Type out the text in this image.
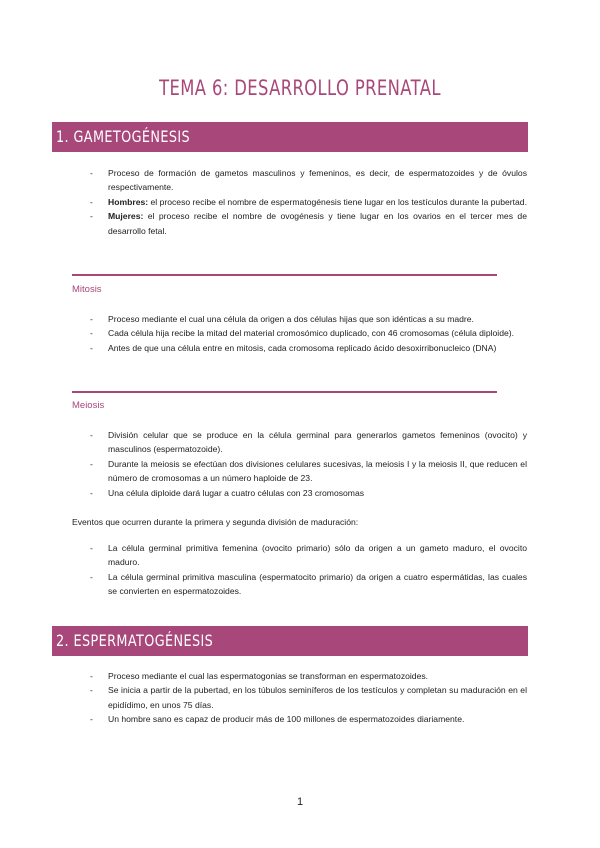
TEMA 6: DESARROLLO PRENATAL
1. GAMETOGÉNESIS
- Proceso de formación de gametos masculinos y femeninos, es decir, de espermatozoides y de óvulos respectivamente.
- Hombres: el proceso recibe el nombre de espermatogénesis tiene lugar en los testículos durante la pubertad.
- Mujeres: el proceso recibe el nombre de ovogénesis y tiene lugar en los ovarios en el tercer mes de desarrollo fetal.
Mitosis
- Proceso mediante el cual una célula da origen a dos células hijas que son idénticas a su madre.
- Cada célula hija recibe la mitad del material cromosómico duplicado, con 46 cromosomas (célula diploide).
- Antes de que una célula entre en mitosis, cada cromosoma replicado ácido desoxirribonucleico (DNA)
Meiosis
- División celular que se produce en la célula germinal para generarlos gametos femeninos (ovocito) y masculinos (espermatozoide).
- Durante la meiosis se efectúan dos divisiones celulares sucesivas, la meiosis I y la meiosis II, que reducen el número de cromosomas a un número haploide de 23.
- Una célula diploide dará lugar a cuatro células con 23 cromosomas
Eventos que ocurren durante la primera y segunda división de maduración:
- La célula germinal primitiva femenina (ovocito primario) sólo da origen a un gameto maduro, el ovocito maduro.
- La célula germinal primitiva masculina (espermatocito primario) da origen a cuatro espermátidas, las cuales se convierten en espermatozoides.
2. ESPERMATOGÉNESIS
- Proceso mediante el cual las espermatogonias se transforman en espermatozoides.
- Se inicia a partir de la pubertad, en los túbulos seminíferos de los testículos y completan su maduración en el epidídimo, en unos 75 días.
- Un hombre sano es capaz de producir más de 100 millones de espermatozoides diariamente.
1
